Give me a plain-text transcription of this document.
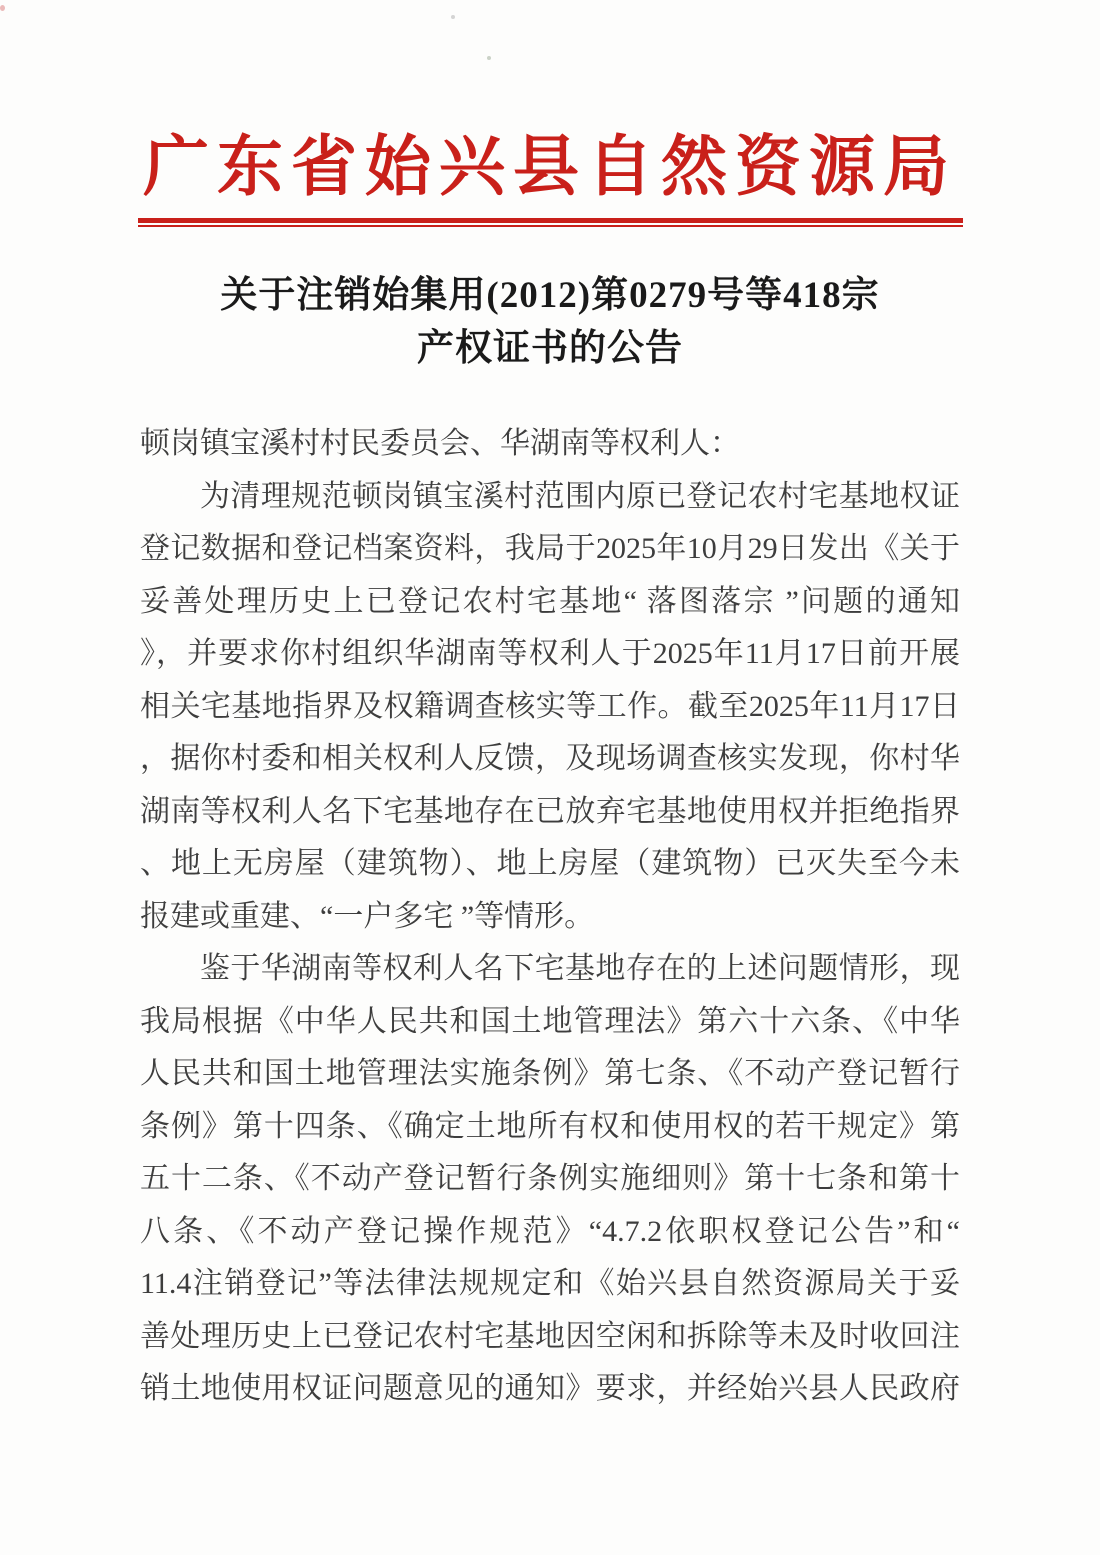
广东省始兴县自然资源局
关于注销始集用(2012)第0279号等418宗
产权证书的公告
顿岗镇宝溪村村民委员会、华湖南等权利人：
为清理规范顿岗镇宝溪村范围内原已登记农村宅基地权证
登记数据和登记档案资料，我局于2025年10月29日发出《关于
妥善处理历史上已登记农村宅基地“ 落图落宗 ”问题的通知
》，并要求你村组织华湖南等权利人于2025年11月17日前开展
相关宅基地指界及权籍调查核实等工作。截至2025年11月17日
，据你村委和相关权利人反馈，及现场调查核实发现，你村华
湖南等权利人名下宅基地存在已放弃宅基地使用权并拒绝指界
、地上无房屋（建筑物）、地上房屋（建筑物）已灭失至今未
报建或重建、“一户多宅 ”等情形。
鉴于华湖南等权利人名下宅基地存在的上述问题情形，现
我局根据《中华人民共和国土地管理法》第六十六条、《中华
人民共和国土地管理法实施条例》第七条、《不动产登记暂行
条例》第十四条、《确定土地所有权和使用权的若干规定》第
五十二条、《不动产登记暂行条例实施细则》第十七条和第十
八条、《不动产登记操作规范》“4.7.2依职权登记公告”和“
11.4注销登记”等法律法规规定和《始兴县自然资源局关于妥
善处理历史上已登记农村宅基地因空闲和拆除等未及时收回注
销土地使用权证问题意见的通知》要求，并经始兴县人民政府
